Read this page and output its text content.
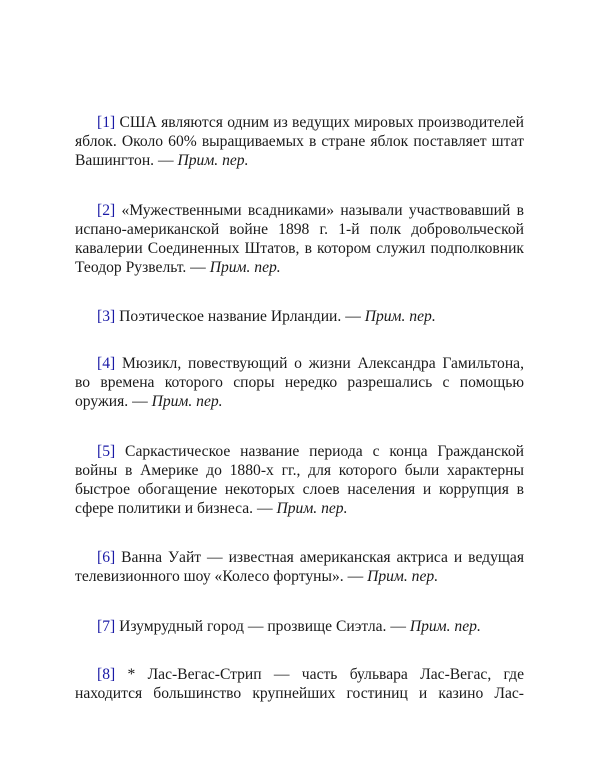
[1] США являются одним из ведущих мировых производителей
яблок. Около 60% выращиваемых в стране яблок поставляет штат
Вашингтон. — Прим. пер.
[2] «Мужественными всадниками» называли участвовавший в
испано-американской войне 1898 г. 1-й полк добровольческой
кавалерии Соединенных Штатов, в котором служил подполковник
Теодор Рузвельт. — Прим. пер.
[3] Поэтическое название Ирландии. — Прим. пер.
[4] Мюзикл, повествующий о жизни Александра Гамильтона,
во времена которого споры нередко разрешались с помощью
оружия. — Прим. пер.
[5] Саркастическое название периода с конца Гражданской
войны в Америке до 1880-х гг., для которого были характерны
быстрое обогащение некоторых слоев населения и коррупция в
сфере политики и бизнеса. — Прим. пер.
[6] Ванна Уайт — известная американская актриса и ведущая
телевизионного шоу «Колесо фортуны». — Прим. пер.
[7] Изумрудный город — прозвище Сиэтла. — Прим. пер.
[8] * Лас-Вегас-Стрип — часть бульвара Лас-Вегас, где
находится большинство крупнейших гостиниц и казино Лас-
